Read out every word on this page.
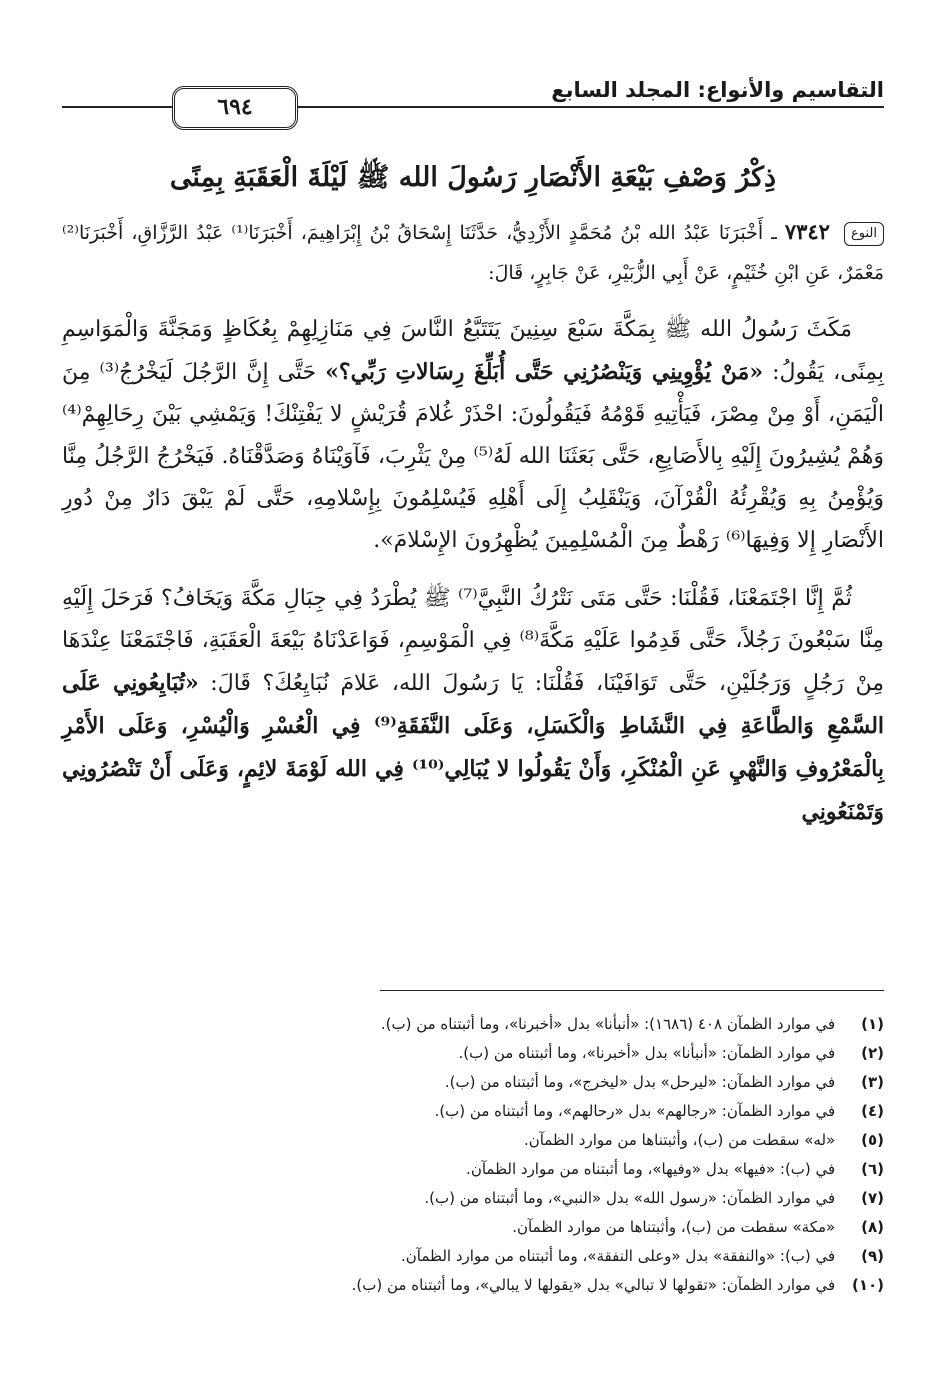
التقاسيم والأنواع: المجلد السابع
٦٩٤
ذِكْرُ وَصْفِ بَيْعَةِ الأَنْصَارِ رَسُولَ الله ﷺ لَيْلَةَ الْعَقَبَةِ بِمِنًى

النوع ٧٣٤٢ ـ أَخْبَرَنَا عَبْدُ الله بْنُ مُحَمَّدٍ الأَزْدِيُّ، حَدَّثَنَا إِسْحَاقُ بْنُ إِبْرَاهِيمَ، أَخْبَرَنَا⁽¹⁾ عَبْدُ الرَّزَّاقِ، أَخْبَرَنَا⁽²⁾ مَعْمَرٌ، عَنِ ابْنِ خُثَيْمٍ، عَنْ أَبِي الزُّبَيْرِ، عَنْ جَابِرٍ، قَالَ:

مَكَثَ رَسُولُ الله ﷺ بِمَكَّةَ سَبْعَ سِنِينَ يَتَتَبَّعُ النَّاسَ فِي مَنَازِلِهِمْ بِعُكَاظٍ وَمَجَنَّةَ وَالْمَوَاسِمِ بِمِنًى، يَقُولُ: «مَنْ يُؤْوِينِي وَيَنْصُرُنِي حَتَّى أُبَلِّغَ رِسَالاتِ رَبِّي؟» حَتَّى إِنَّ الرَّجُلَ لَيَخْرُجُ⁽³⁾ مِنَ الْيَمَنِ، أَوْ مِنْ مِصْرَ، فَيَأْتِيهِ قَوْمُهُ فَيَقُولُونَ: احْذَرْ غُلامَ قُرَيْشٍ لا يَفْتِنْكَ! وَيَمْشِي بَيْنَ رِحَالِهِمْ⁽⁴⁾ وَهُمْ يُشِيرُونَ إِلَيْهِ بِالأَصَابِعِ، حَتَّى بَعَثَنَا الله لَهُ⁽⁵⁾ مِنْ يَثْرِبَ، فَآوَيْنَاهُ وَصَدَّقْنَاهُ. فَيَخْرُجُ الرَّجُلُ مِنَّا وَيُؤْمِنُ بِهِ وَيُقْرِئُهُ الْقُرْآنَ، وَيَنْقَلِبُ إِلَى أَهْلِهِ فَيُسْلِمُونَ بِإِسْلامِهِ، حَتَّى لَمْ يَبْقَ دَارٌ مِنْ دُورِ الأَنْصَارِ إِلا وَفِيهَا⁽⁶⁾ رَهْطٌ مِنَ الْمُسْلِمِينَ يُظْهِرُونَ الإِسْلامَ».

ثُمَّ إِنَّا اجْتَمَعْنَا، فَقُلْنَا: حَتَّى مَتَى نَتْرُكُ النَّبِيَّ⁽⁷⁾ ﷺ يُطْرَدُ فِي جِبَالِ مَكَّةَ وَيَخَافُ؟ فَرَحَلَ إِلَيْهِ مِنَّا سَبْعُونَ رَجُلاً، حَتَّى قَدِمُوا عَلَيْهِ مَكَّةَ⁽⁸⁾ فِي الْمَوْسِمِ، فَوَاعَدْنَاهُ بَيْعَةَ الْعَقَبَةِ، فَاجْتَمَعْنَا عِنْدَهَا مِنْ رَجُلٍ وَرَجُلَيْنِ، حَتَّى تَوَافَيْنَا، فَقُلْنَا: يَا رَسُولَ الله، عَلامَ نُبَايِعُكَ؟ قَالَ: «تُبَايِعُونِي عَلَى السَّمْعِ وَالطَّاعَةِ فِي النَّشَاطِ وَالْكَسَلِ، وَعَلَى النَّفَقَةِ⁽⁹⁾ فِي الْعُسْرِ وَالْيُسْرِ، وَعَلَى الأَمْرِ بِالْمَعْرُوفِ وَالنَّهْيِ عَنِ الْمُنْكَرِ، وَأَنْ يَقُولُوا لا يُبَالِي⁽¹⁰⁾ فِي الله لَوْمَةَ لائِمٍ، وَعَلَى أَنْ تَنْصُرُونِي وَتَمْنَعُونِي

(١) في موارد الظمآن ٤٠٨ (١٦٨٦): «أنبأنا» بدل «أخبرنا»، وما أثبتناه من (ب).

(٢) في موارد الظمآن: «أنبأنا» بدل «أخبرنا»، وما أثبتناه من (ب).

(٣) في موارد الظمآن: «ليرحل» بدل «ليخرج»، وما أثبتناه من (ب).

(٤) في موارد الظمآن: «رجالهم» بدل «رحالهم»، وما أثبتناه من (ب).

(٥) «له» سقطت من (ب)، وأثبتناها من موارد الظمآن.

(٦) في (ب): «فيها» بدل «وفيها»، وما أثبتناه من موارد الظمآن.

(٧) في موارد الظمآن: «رسول الله» بدل «النبي»، وما أثبتناه من (ب).

(٨) «مكة» سقطت من (ب)، وأثبتناها من موارد الظمآن.

(٩) في (ب): «والنفقة» بدل «وعلى النفقة»، وما أثبتناه من موارد الظمآن.

(١٠) في موارد الظمآن: «تقولها لا تبالي» بدل «يقولها لا يبالي»، وما أثبتناه من (ب).
